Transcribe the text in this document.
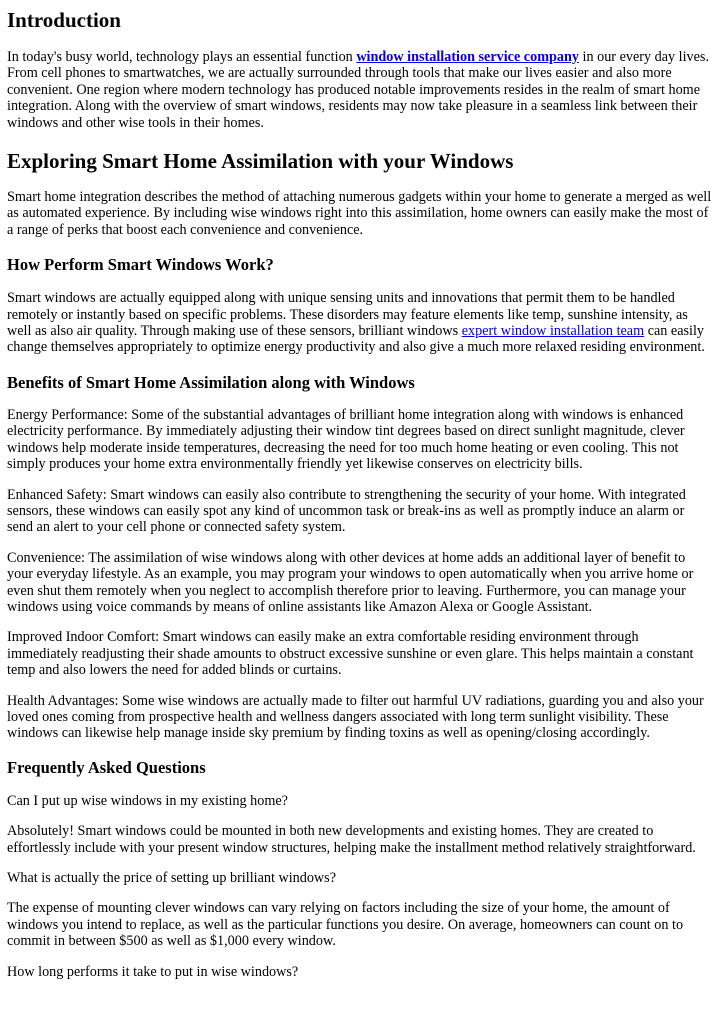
Introduction

In today's busy world, technology plays an essential function window installation service company in our every day lives. From cell phones to smartwatches, we are actually surrounded through tools that make our lives easier and also more convenient. One region where modern technology has produced notable improvements resides in the realm of smart home integration. Along with the overview of smart windows, residents may now take pleasure in a seamless link between their windows and other wise tools in their homes.

Exploring Smart Home Assimilation with your Windows

Smart home integration describes the method of attaching numerous gadgets within your home to generate a merged as well as automated experience. By including wise windows right into this assimilation, home owners can easily make the most of a range of perks that boost each convenience and convenience.

How Perform Smart Windows Work?

Smart windows are actually equipped along with unique sensing units and innovations that permit them to be handled remotely or instantly based on specific problems. These disorders may feature elements like temp, sunshine intensity, as well as also air quality. Through making use of these sensors, brilliant windows expert window installation team can easily change themselves appropriately to optimize energy productivity and also give a much more relaxed residing environment.

Benefits of Smart Home Assimilation along with Windows

Energy Performance: Some of the substantial advantages of brilliant home integration along with windows is enhanced electricity performance. By immediately adjusting their window tint degrees based on direct sunlight magnitude, clever windows help moderate inside temperatures, decreasing the need for too much home heating or even cooling. This not simply produces your home extra environmentally friendly yet likewise conserves on electricity bills.

Enhanced Safety: Smart windows can easily also contribute to strengthening the security of your home. With integrated sensors, these windows can easily spot any kind of uncommon task or break-ins as well as promptly induce an alarm or send an alert to your cell phone or connected safety system.

Convenience: The assimilation of wise windows along with other devices at home adds an additional layer of benefit to your everyday lifestyle. As an example, you may program your windows to open automatically when you arrive home or even shut them remotely when you neglect to accomplish therefore prior to leaving. Furthermore, you can manage your windows using voice commands by means of online assistants like Amazon Alexa or Google Assistant.

Improved Indoor Comfort: Smart windows can easily make an extra comfortable residing environment through immediately readjusting their shade amounts to obstruct excessive sunshine or even glare. This helps maintain a constant temp and also lowers the need for added blinds or curtains.

Health Advantages: Some wise windows are actually made to filter out harmful UV radiations, guarding you and also your loved ones coming from prospective health and wellness dangers associated with long term sunlight visibility. These windows can likewise help manage inside sky premium by finding toxins as well as opening/closing accordingly.

Frequently Asked Questions

Can I put up wise windows in my existing home?

Absolutely! Smart windows could be mounted in both new developments and existing homes. They are created to effortlessly include with your present window structures, helping make the installment method relatively straightforward.

What is actually the price of setting up brilliant windows?

The expense of mounting clever windows can vary relying on factors including the size of your home, the amount of windows you intend to replace, as well as the particular functions you desire. On average, homeowners can count on to commit in between $500 as well as $1,000 every window.

How long performs it take to put in wise windows?
